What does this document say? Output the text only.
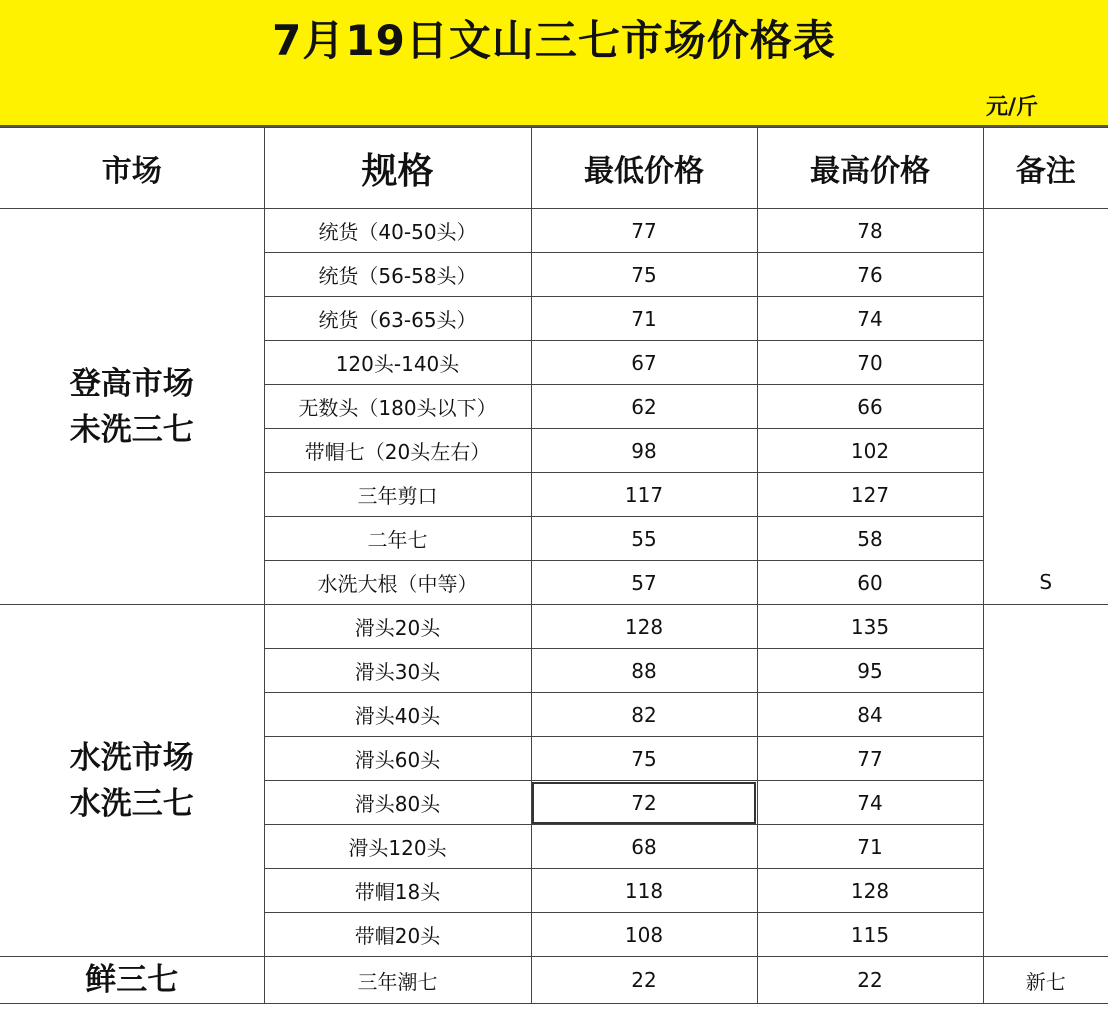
7月19日文山三七市场价格表
元/斤
市场	规格	最低价格	最高价格	备注

登高市场
未洗三七	统货（40-50头）	77	78	S
	统货（56-58头）	75	76	
	统货（63-65头）	71	74	
	120头-140头	67	70	
	无数头（180头以下）	62	66	
	带帽七（20头左右）	98	102	
	三年剪口	117	127	
	二年七	55	58	
	水洗大根（中等）	57	60	

水洗市场
水洗三七	滑头20头	128	135	
	滑头30头	88	95	
	滑头40头	82	84	
	滑头60头	75	77	
	滑头80头	72	74	
	滑头120头	68	71	
	带帽18头	118	128	
	带帽20头	108	115	
鲜三七	三年潮七	22	22	新七
